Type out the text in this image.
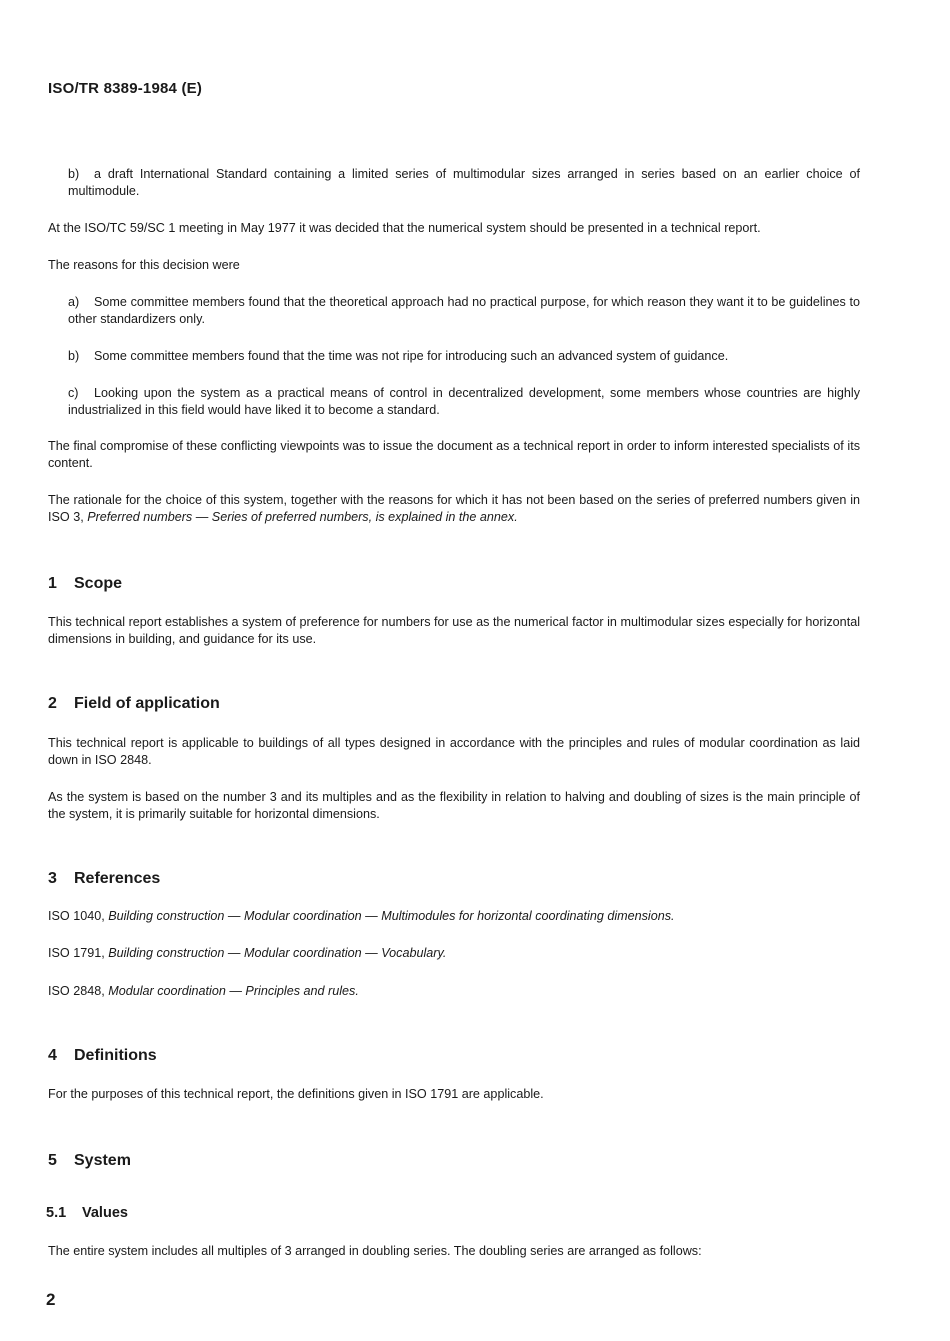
ISO/TR 8389-1984 (E)
b) a draft International Standard containing a limited series of multimodular sizes arranged in series based on an earlier choice of multimodule.
At the ISO/TC 59/SC 1 meeting in May 1977 it was decided that the numerical system should be presented in a technical report.
The reasons for this decision were
a) Some committee members found that the theoretical approach had no practical purpose, for which reason they want it to be guidelines to other standardizers only.
b) Some committee members found that the time was not ripe for introducing such an advanced system of guidance.
c) Looking upon the system as a practical means of control in decentralized development, some members whose countries are highly industrialized in this field would have liked it to become a standard.
The final compromise of these conflicting viewpoints was to issue the document as a technical report in order to inform interested specialists of its content.
The rationale for the choice of this system, together with the reasons for which it has not been based on the series of preferred numbers given in ISO 3, Preferred numbers — Series of preferred numbers, is explained in the annex.
1 Scope
This technical report establishes a system of preference for numbers for use as the numerical factor in multimodular sizes especially for horizontal dimensions in building, and guidance for its use.
2 Field of application
This technical report is applicable to buildings of all types designed in accordance with the principles and rules of modular coordination as laid down in ISO 2848.
As the system is based on the number 3 and its multiples and as the flexibility in relation to halving and doubling of sizes is the main principle of the system, it is primarily suitable for horizontal dimensions.
3 References
ISO 1040, Building construction — Modular coordination — Multimodules for horizontal coordinating dimensions.
ISO 1791, Building construction — Modular coordination — Vocabulary.
ISO 2848, Modular coordination — Principles and rules.
4 Definitions
For the purposes of this technical report, the definitions given in ISO 1791 are applicable.
5 System
5.1 Values
The entire system includes all multiples of 3 arranged in doubling series. The doubling series are arranged as follows:
2
